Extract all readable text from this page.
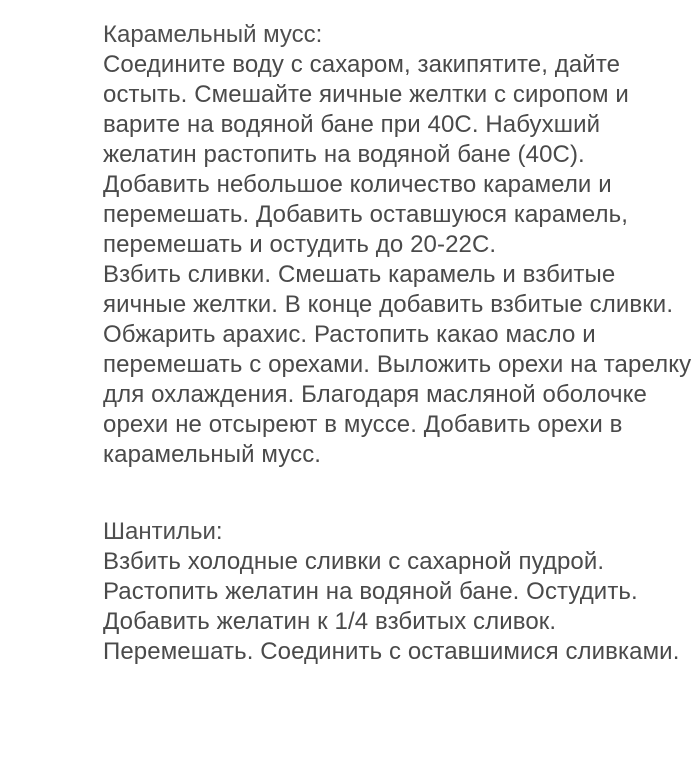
Карамельный мусс:

Соедините воду с сахаром, закипятите, дайте остыть. Смешайте яичные желтки с сиропом и варите на водяной бане при 40С. Набухший желатин растопить на водяной бане (40С). Добавить небольшое количество карамели и перемешать. Добавить оставшуюся карамель, перемешать и остудить до 20-22С.

Взбить сливки. Смешать карамель и взбитые яичные желтки. В конце добавить взбитые сливки.

Обжарить арахис. Растопить какао масло и перемешать с орехами. Выложить орехи на тарелку для охлаждения. Благодаря масляной оболочке орехи не отсыреют в муссе. Добавить орехи в карамельный мусс.

Шантильи:

Взбить холодные сливки с сахарной пудрой. Растопить желатин на водяной бане. Остудить. Добавить желатин к 1/4 взбитых сливок. Перемешать. Соединить с оставшимися сливками.
